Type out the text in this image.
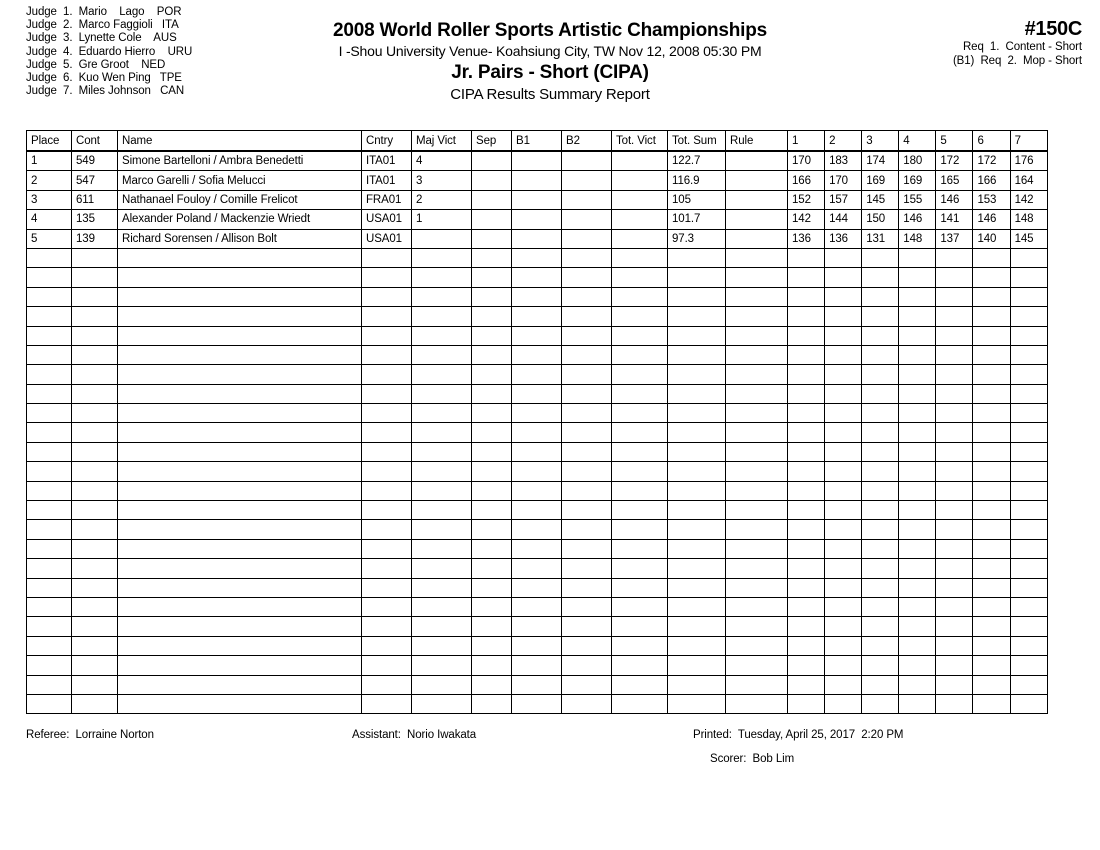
Judge  1.  Mario    Lago    POR
Judge  2.  Marco Faggioli   ITA
Judge  3.  Lynette Cole    AUS
Judge  4.  Eduardo Hierro    URU
Judge  5.  Gre Groot    NED
Judge  6.  Kuo Wen Ping   TPE
Judge  7.  Miles Johnson   CAN
2008 World Roller Sports Artistic Championships
I -Shou University Venue- Koahsiung City, TW Nov 12, 2008 05:30 PM
Jr. Pairs - Short (CIPA)
CIPA Results Summary Report
#150C
Req  1.  Content - Short
(B1)  Req  2.  Mop - Short
Place	Cont	Name	Cntry	Maj Vict	Sep	B1	B2	Tot. Vict	Tot. Sum	Rule	1	2	3	4	5	6	7
1	549	Simone Bartelloni / Ambra Benedetti	ITA01	4					122.7		170	183	174	180	172	172	176
2	547	Marco Garelli / Sofia Melucci	ITA01	3					116.9		166	170	169	169	165	166	164
3	611	Nathanael Fouloy / Comille Frelicot	FRA01	2					105		152	157	145	155	146	153	142
4	135	Alexander Poland / Mackenzie Wriedt	USA01	1					101.7		142	144	150	146	141	146	148
5	139	Richard Sorensen / Allison Bolt	USA01						97.3		136	136	131	148	137	140	145

Referee:  Lorraine Norton	Assistant:  Norio Iwakata	Printed:  Tuesday, April 25, 2017  2:20 PM
Scorer:  Bob Lim
